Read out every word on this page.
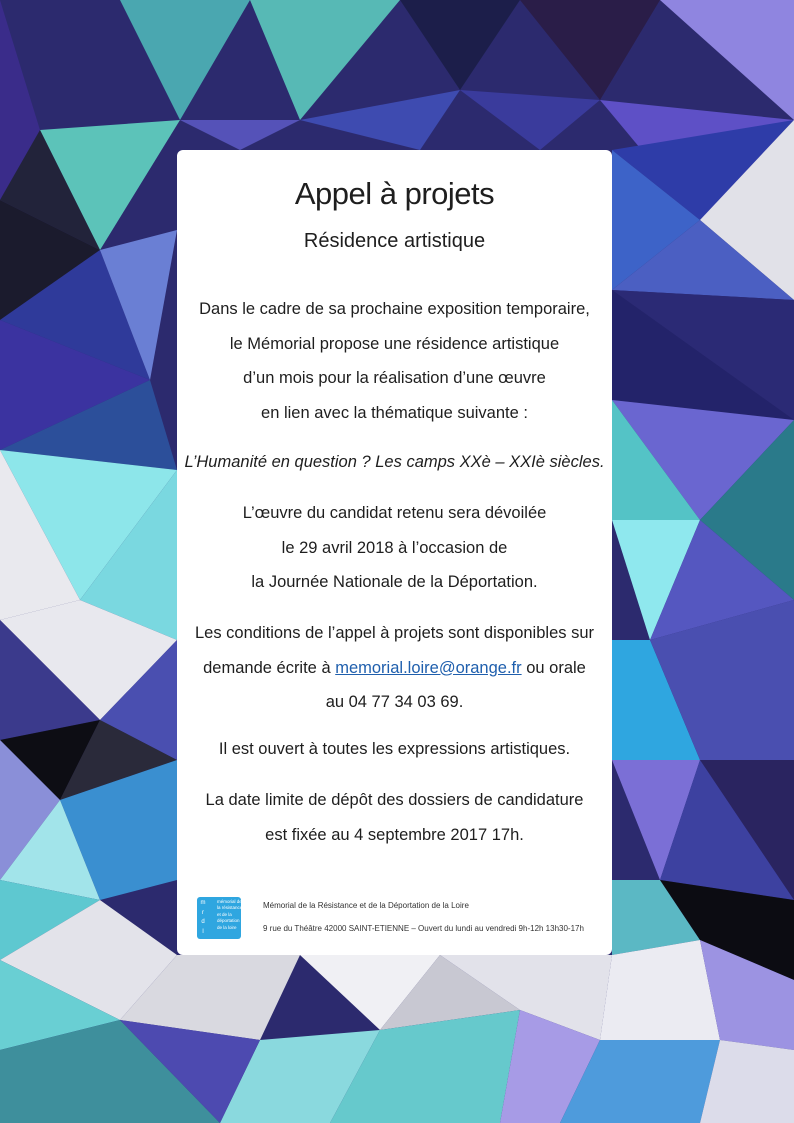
Appel à projets
Résidence artistique
Dans le cadre de sa prochaine exposition temporaire,
le Mémorial propose une résidence artistique
d’un mois pour la réalisation d’une œuvre
en lien avec la thématique suivante :
L’Humanité en question ? Les camps XXè – XXIè siècles.
L’œuvre du candidat retenu sera dévoilée
le 29 avril 2018 à l’occasion de
la Journée Nationale de la Déportation.
Les conditions de l’appel à projets sont disponibles sur
demande écrite à memorial.loire@orange.fr ou orale
au 04 77 34 03 69.
Il est ouvert à toutes les expressions artistiques.
La date limite de dépôt des dossiers de candidature
est fixée au 4 septembre 2017 17h.
m
r
d
l
mémorial de
la résistance
et de la
déportation
de la loire
Mémorial de la Résistance et de la Déportation de la Loire
9 rue du Théâtre 42000 SAINT-ETIENNE – Ouvert du lundi au vendredi 9h-12h 13h30-17h
